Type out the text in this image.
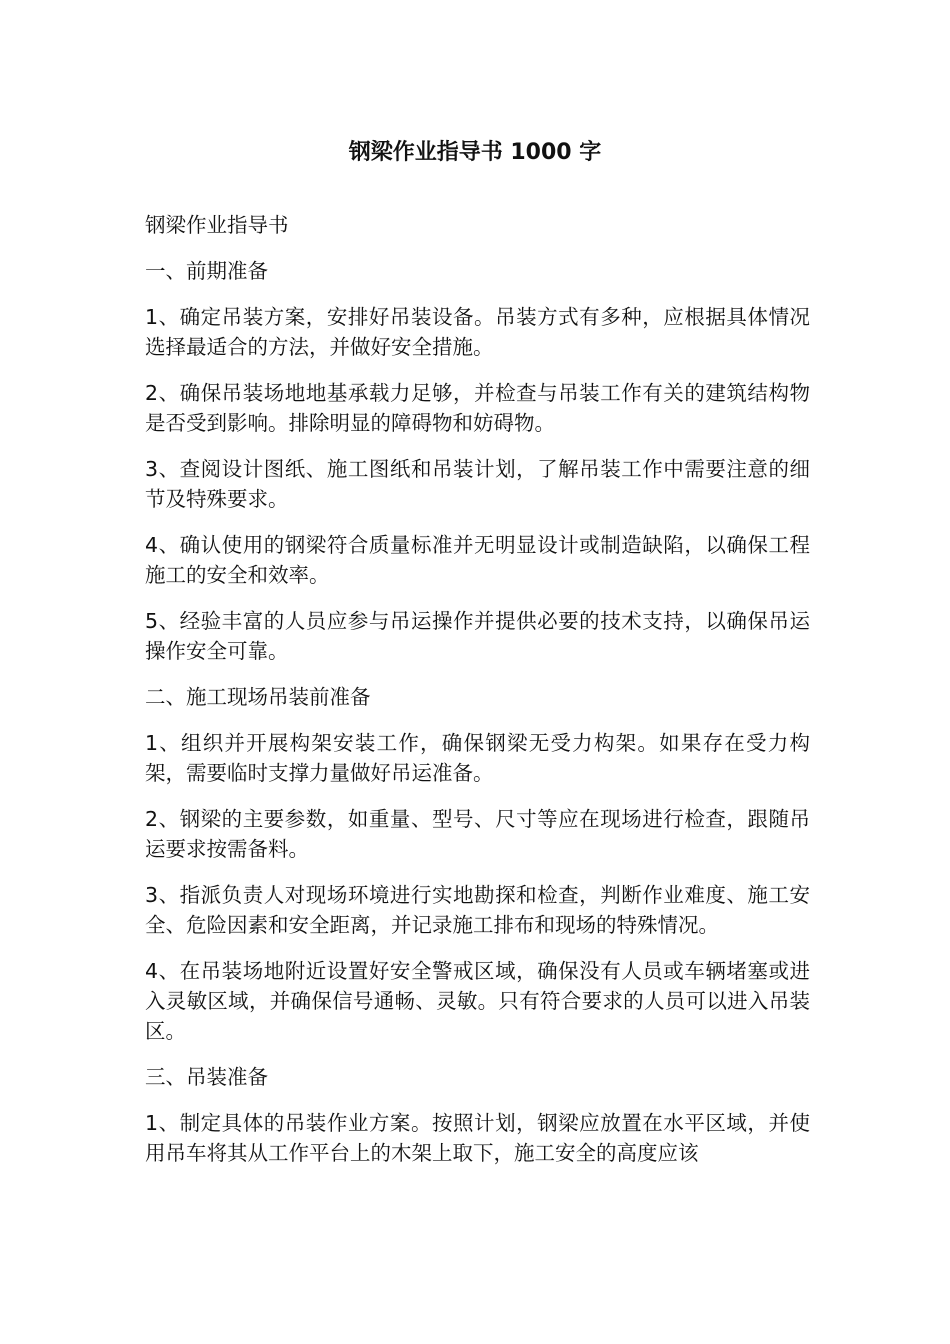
钢梁作业指导书 1000 字

钢梁作业指导书

一、前期准备

1、确定吊装方案，安排好吊装设备。吊装方式有多种，应根据具体情况选择最适合的方法，并做好安全措施。

2、确保吊装场地地基承载力足够，并检查与吊装工作有关的建筑结构物是否受到影响。排除明显的障碍物和妨碍物。

3、查阅设计图纸、施工图纸和吊装计划，了解吊装工作中需要注意的细节及特殊要求。

4、确认使用的钢梁符合质量标准并无明显设计或制造缺陷，以确保工程施工的安全和效率。

5、经验丰富的人员应参与吊运操作并提供必要的技术支持，以确保吊运操作安全可靠。

二、施工现场吊装前准备

1、组织并开展构架安装工作，确保钢梁无受力构架。如果存在受力构架，需要临时支撑力量做好吊运准备。

2、钢梁的主要参数，如重量、型号、尺寸等应在现场进行检查，跟随吊运要求按需备料。

3、指派负责人对现场环境进行实地勘探和检查，判断作业难度、施工安全、危险因素和安全距离，并记录施工排布和现场的特殊情况。

4、在吊装场地附近设置好安全警戒区域，确保没有人员或车辆堵塞或进入灵敏区域，并确保信号通畅、灵敏。只有符合要求的人员可以进入吊装区。

三、吊装准备

1、制定具体的吊装作业方案。按照计划，钢梁应放置在水平区域，并使用吊车将其从工作平台上的木架上取下，施工安全的高度应该
